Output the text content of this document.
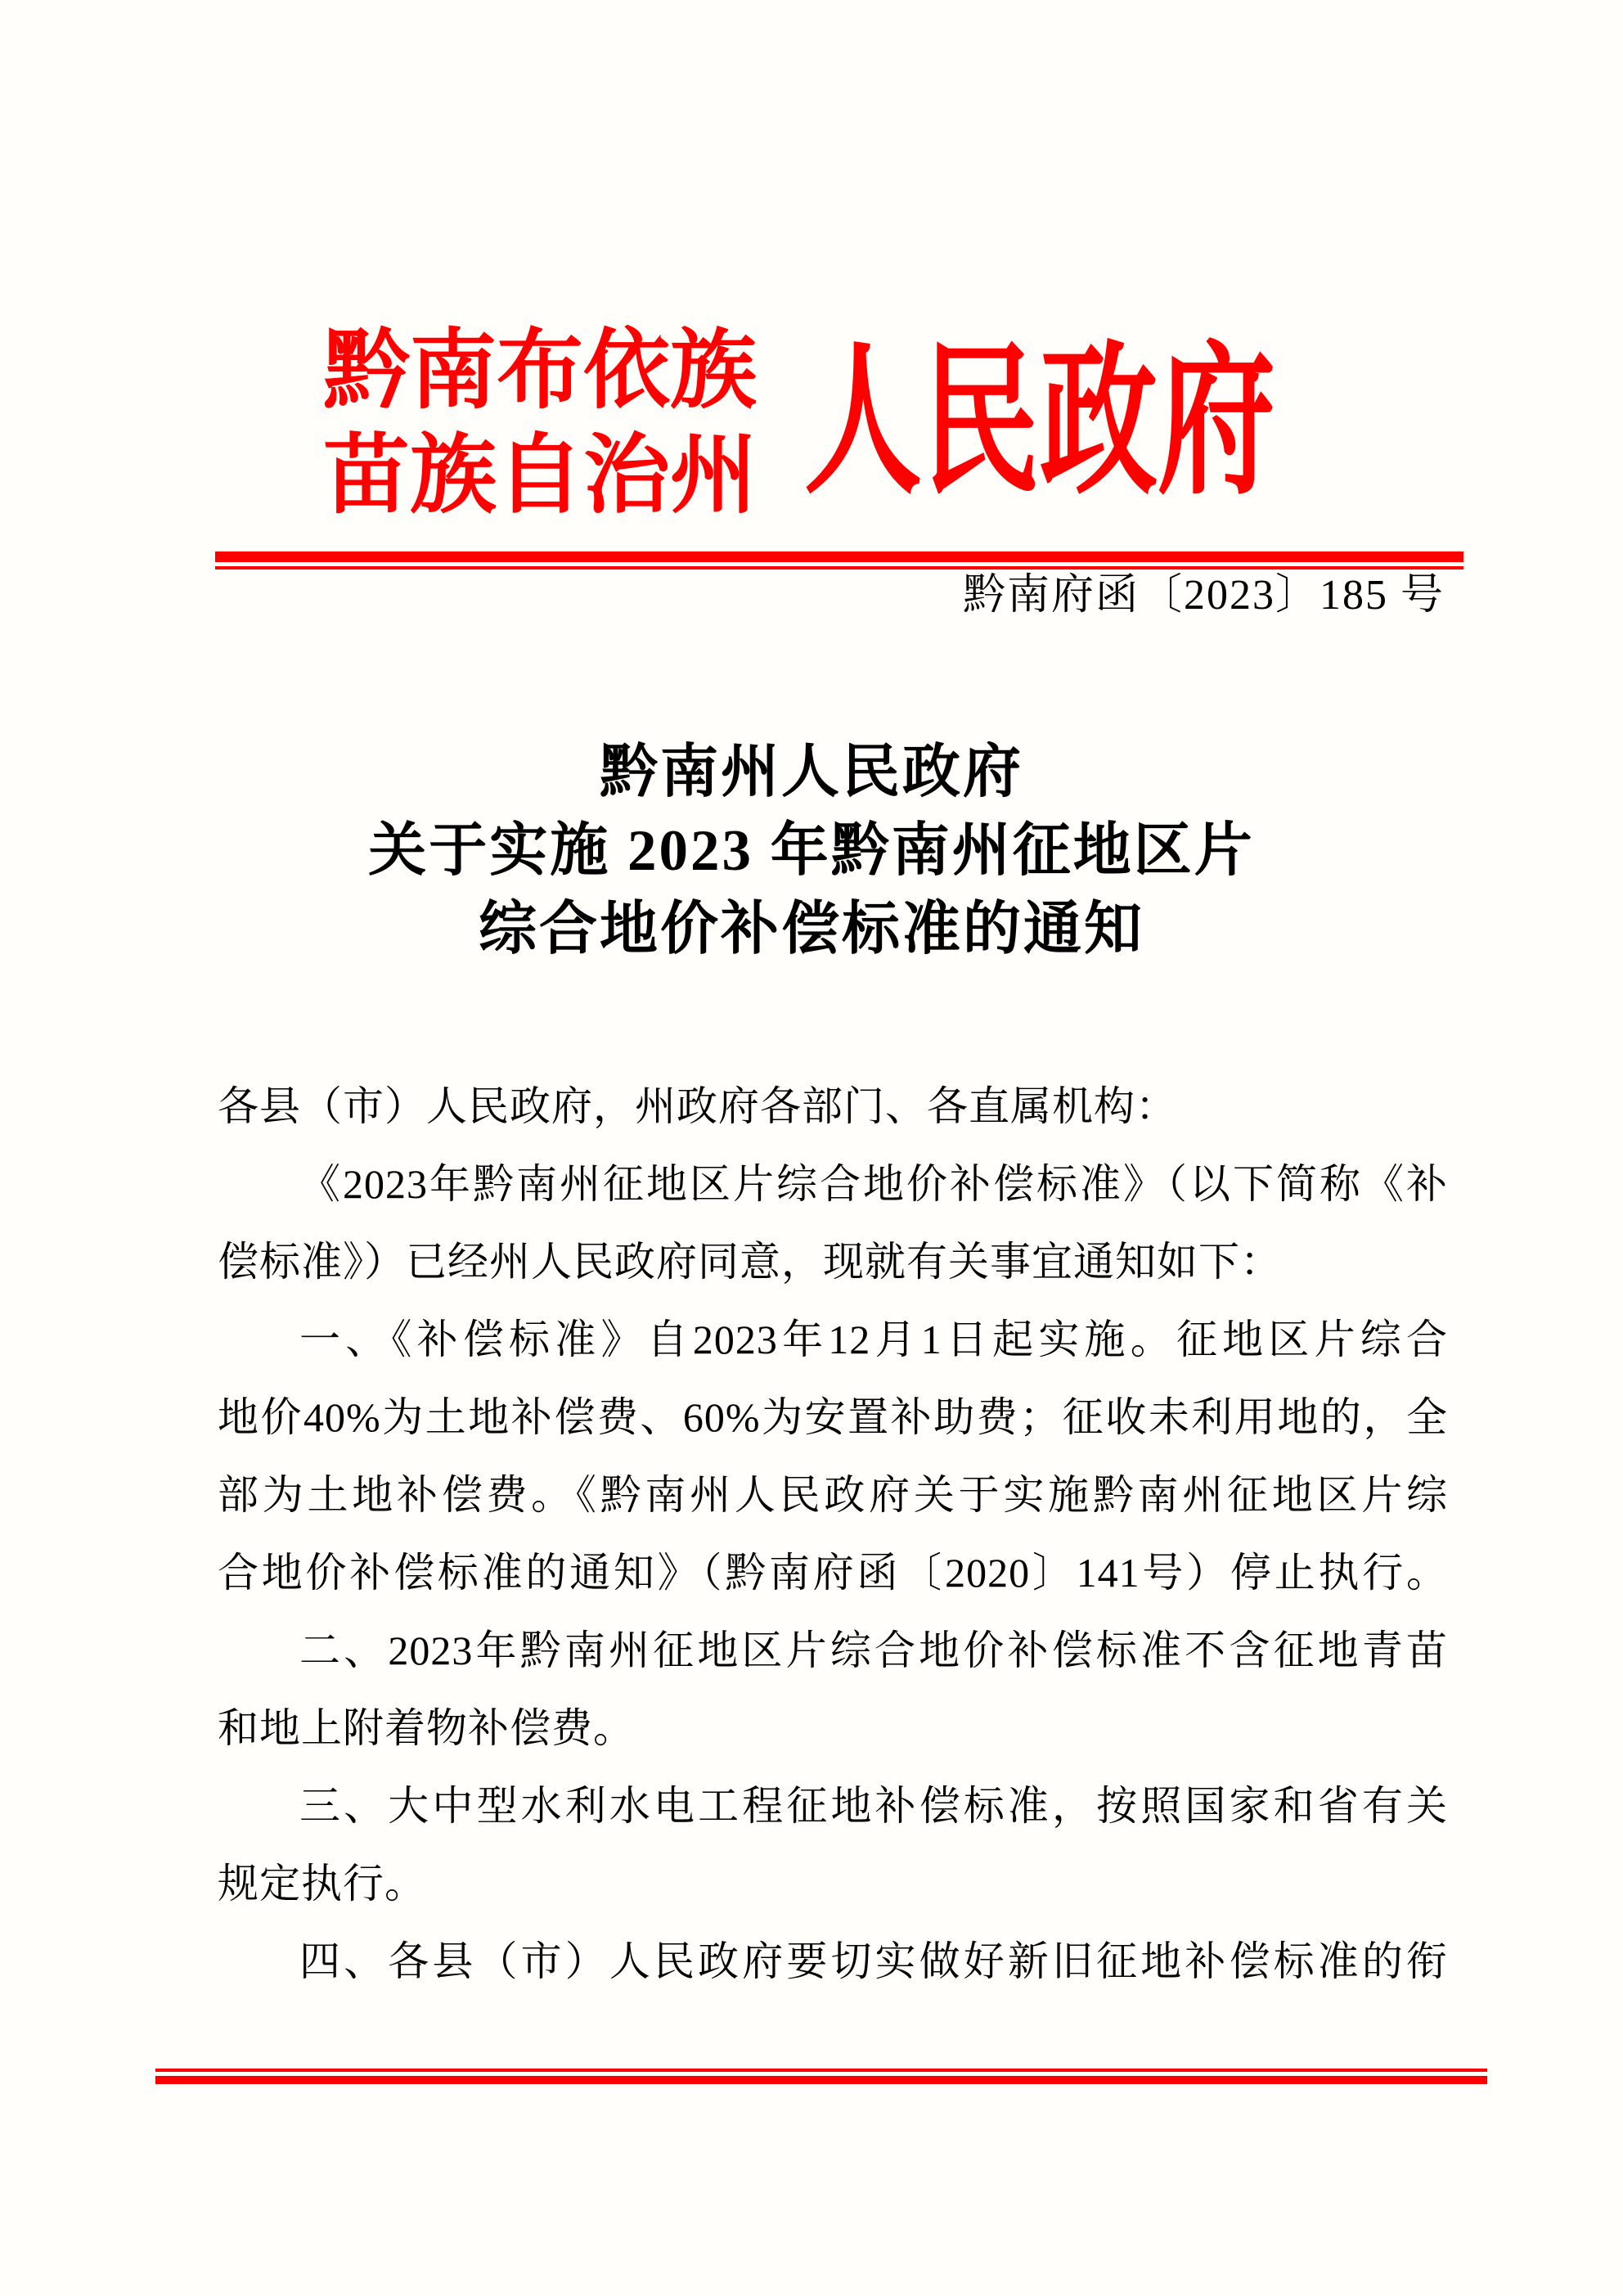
黔南布依族
苗族自治州 人民政府
黔南府函〔2023〕185 号
黔南州人民政府
关于实施 2023 年黔南州征地区片
综合地价补偿标准的通知
各县（市）人民政府，州政府各部门、各直属机构：
《2023年黔南州征地区片综合地价补偿标准》（以下简称《补
偿标准》）已经州人民政府同意，现就有关事宜通知如下：
一、《补偿标准》自2023年12月1日起实施。征地区片综合
地价40%为土地补偿费、60%为安置补助费；征收未利用地的，全
部为土地补偿费。《黔南州人民政府关于实施黔南州征地区片综
合地价补偿标准的通知》（黔南府函〔2020〕141号）停止执行。
二、2023年黔南州征地区片综合地价补偿标准不含征地青苗
和地上附着物补偿费。
三、大中型水利水电工程征地补偿标准，按照国家和省有关
规定执行。
四、各县（市）人民政府要切实做好新旧征地补偿标准的衔
